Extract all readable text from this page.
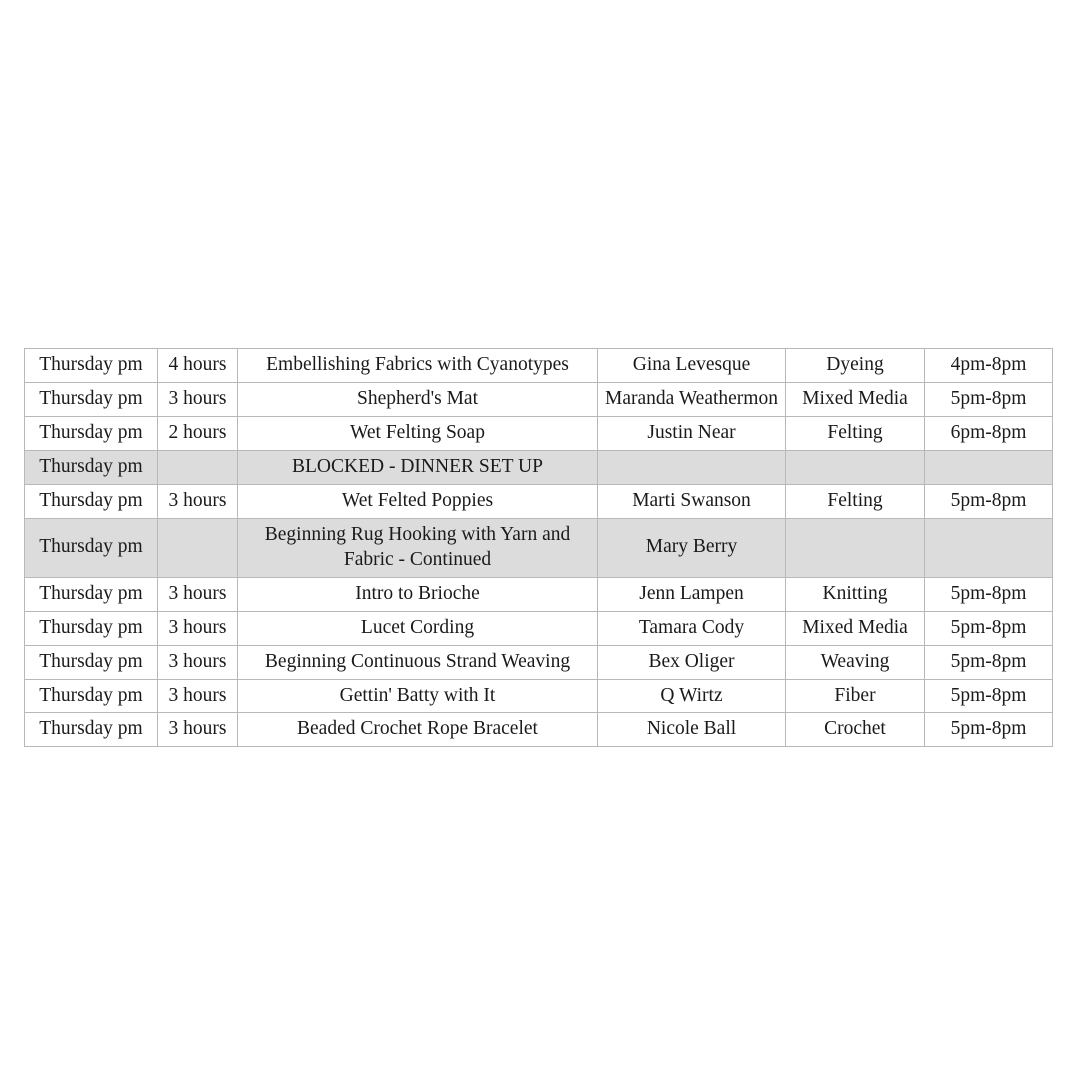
Thursday pm	4 hours	Embellishing Fabrics with Cyanotypes	Gina Levesque	Dyeing	4pm-8pm
Thursday pm	3 hours	Shepherd's Mat	Maranda Weathermon	Mixed Media	5pm-8pm
Thursday pm	2 hours	Wet Felting Soap	Justin Near	Felting	6pm-8pm
Thursday pm		BLOCKED - DINNER SET UP			
Thursday pm	3 hours	Wet Felted Poppies	Marti Swanson	Felting	5pm-8pm
Thursday pm		Beginning Rug Hooking with Yarn and Fabric - Continued	Mary Berry		
Thursday pm	3 hours	Intro to Brioche	Jenn Lampen	Knitting	5pm-8pm
Thursday pm	3 hours	Lucet Cording	Tamara Cody	Mixed Media	5pm-8pm
Thursday pm	3 hours	Beginning Continuous Strand Weaving	Bex Oliger	Weaving	5pm-8pm
Thursday pm	3 hours	Gettin' Batty with It	Q Wirtz	Fiber	5pm-8pm
Thursday pm	3 hours	Beaded Crochet Rope Bracelet	Nicole Ball	Crochet	5pm-8pm
